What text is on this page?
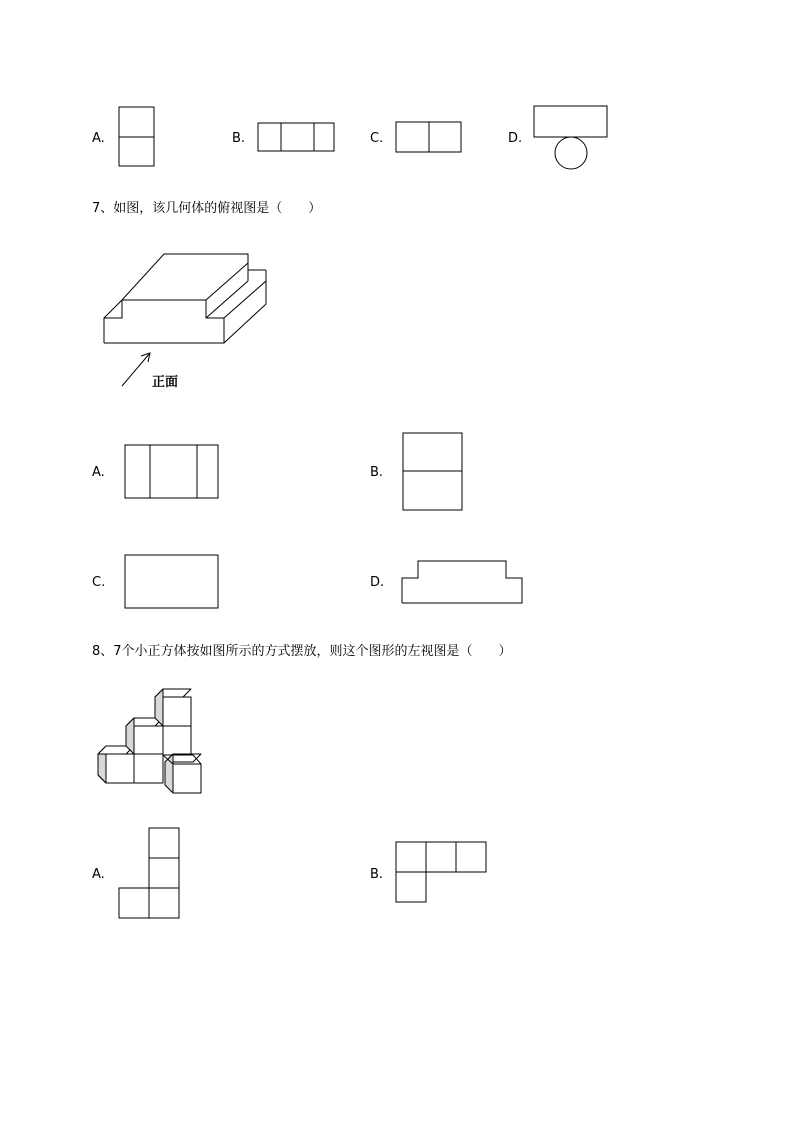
A.	B.	C.	D.
7、如图，该几何体的俯视图是（　　）
正面
A.	B.
C.	D.
8、7个小正方体按如图所示的方式摆放，则这个图形的左视图是（　　）
A.	B.
